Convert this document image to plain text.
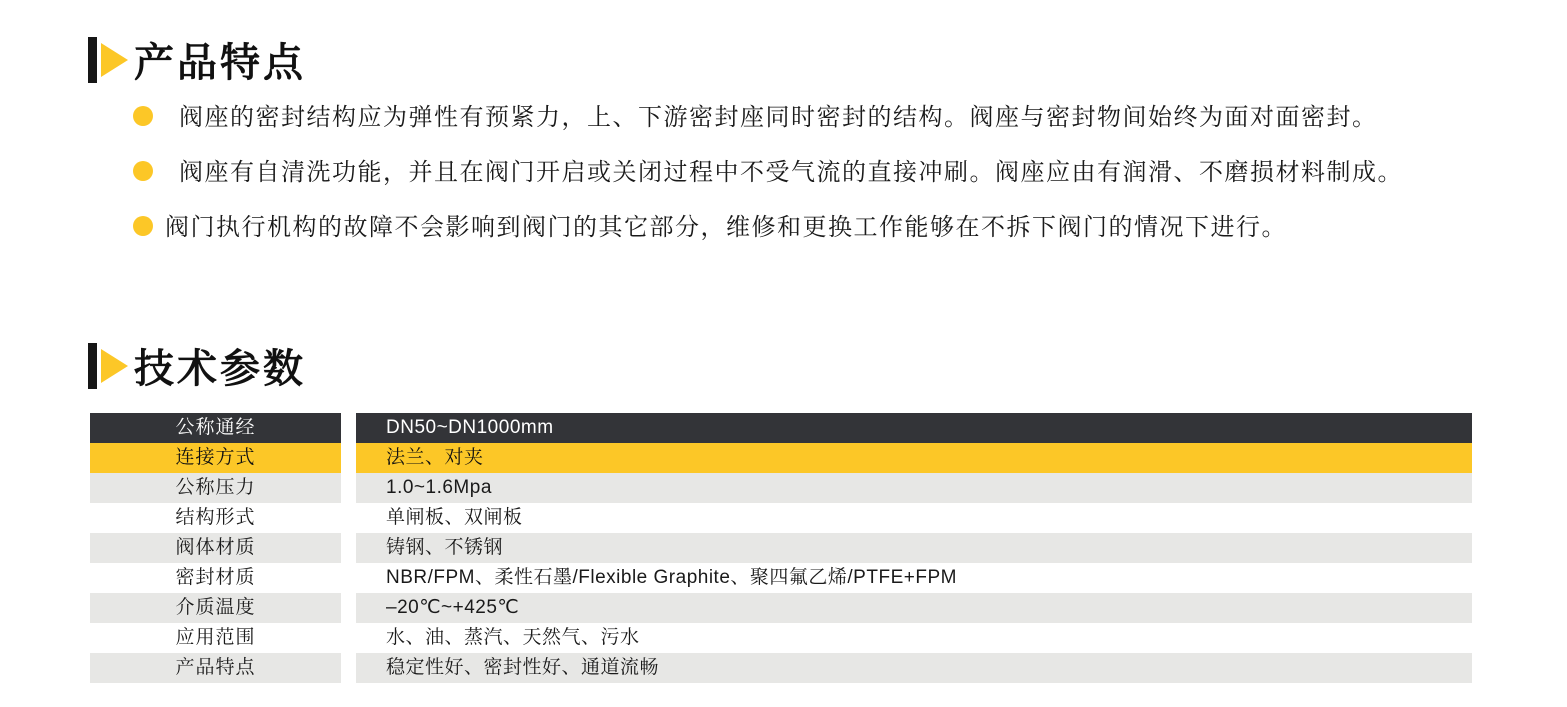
产品特点

阀座的密封结构应为弹性有预紧力，上、下游密封座同时密封的结构。阀座与密封物间始终为面对面密封。

阀座有自清洗功能，并且在阀门开启或关闭过程中不受气流的直接冲刷。阀座应由有润滑、不磨损材料制成。

阀门执行机构的故障不会影响到阀门的其它部分，维修和更换工作能够在不拆下阀门的情况下进行。

技术参数
公称通经	DN50~DN1000mm
连接方式	法兰、对夹
公称压力	1.0~1.6Mpa
结构形式	单闸板、双闸板
阀体材质	铸钢、不锈钢
密封材质	NBR/FPM、柔性石墨/Flexible Graphite、聚四氟乙烯/PTFE+FPM
介质温度	–20℃~+425℃
应用范围	水、油、蒸汽、天然气、污水
产品特点	稳定性好、密封性好、通道流畅
